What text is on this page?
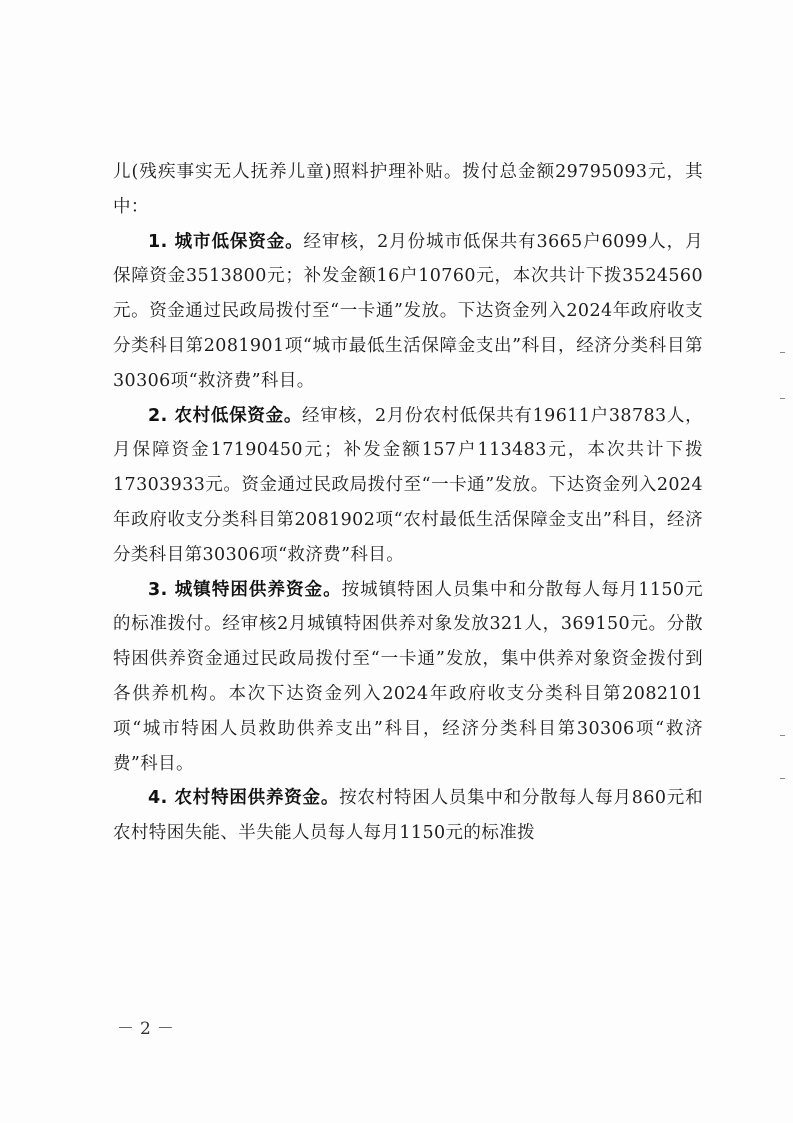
儿(残疾事实无人抚养儿童)照料护理补贴。拨付总金额29795093元，其中：

1. 城市低保资金。经审核，2月份城市低保共有3665户6099人，月保障资金3513800元；补发金额16户10760元，本次共计下拨3524560元。资金通过民政局拨付至“一卡通”发放。下达资金列入2024年政府收支分类科目第2081901项“城市最低生活保障金支出”科目，经济分类科目第30306项“救济费”科目。

2. 农村低保资金。经审核，2月份农村低保共有19611户38783人，月保障资金17190450元；补发金额157户113483元，本次共计下拨17303933元。资金通过民政局拨付至“一卡通”发放。下达资金列入2024年政府收支分类科目第2081902项“农村最低生活保障金支出”科目，经济分类科目第30306项“救济费”科目。

3. 城镇特困供养资金。按城镇特困人员集中和分散每人每月1150元的标准拨付。经审核2月城镇特困供养对象发放321人，369150元。分散特困供养资金通过民政局拨付至“一卡通”发放，集中供养对象资金拨付到各供养机构。本次下达资金列入2024年政府收支分类科目第2082101项“城市特困人员救助供养支出”科目，经济分类科目第30306项“救济费”科目。

4. 农村特困供养资金。按农村特困人员集中和分散每人每月860元和农村特困失能、半失能人员每人每月1150元的标准拨

－2－
